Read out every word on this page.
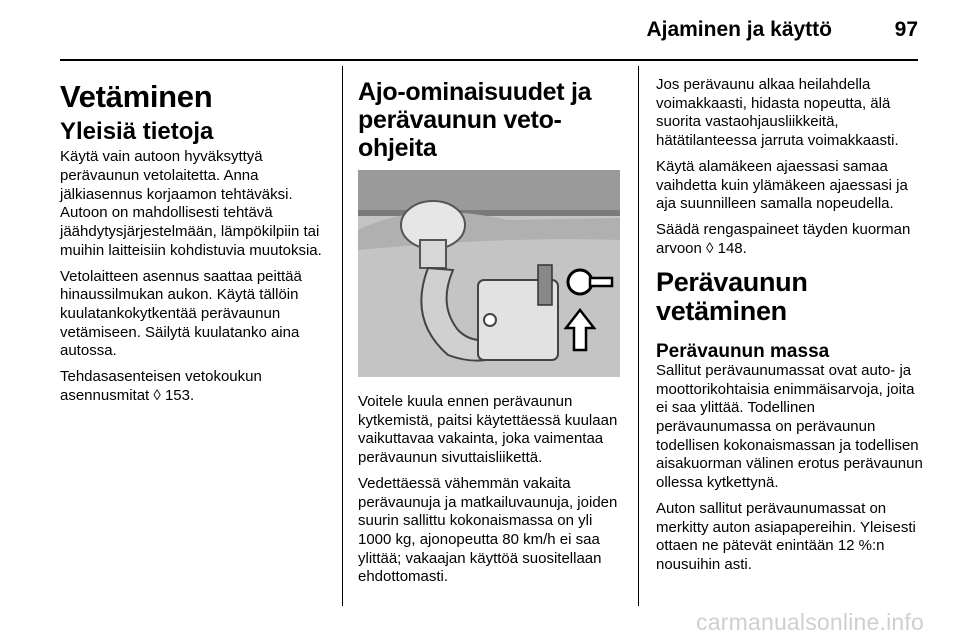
Ajaminen ja käyttö	97
Vetäminen
Yleisiä tietoja

Käytä vain autoon hyväksyttyä perävaunun vetolaitetta. Anna jälkiasennus korjaamon tehtäväksi. Autoon on mahdollisesti tehtävä jäähdytysjärjestelmään, lämpökilpiin tai muihin laitteisiin kohdistuvia muutoksia.

Vetolaitteen asennus saattaa peittää hinaussilmukan aukon. Käytä tällöin kuulatankokytkentää perävaunun vetämiseen. Säilytä kuulatanko aina autossa.

Tehdasasenteisen vetokoukun asennusmitat ◊ 153.

Ajo-ominaisuudet ja perävaunun veto-ohjeita

Voitele kuula ennen perävaunun kytkemistä, paitsi käytettäessä kuulaan vaikuttavaa vakainta, joka vaimentaa perävaunun sivuttaisliikettä.

Vedettäessä vähemmän vakaita perävaunuja ja matkailuvaunuja, joiden suurin sallittu kokonaismassa on yli 1000 kg, ajonopeutta 80 km/h ei saa ylittää; vakaajan käyttöä suositellaan ehdottomasti.

Jos perävaunu alkaa heilahdella voimakkaasti, hidasta nopeutta, älä suorita vastaohjausliikkeitä, hätätilanteessa jarruta voimakkaasti.

Käytä alamäkeen ajaessasi samaa vaihdetta kuin ylämäkeen ajaessasi ja aja suunnilleen samalla nopeudella.

Säädä rengaspaineet täyden kuorman arvoon ◊ 148.

Perävaunun vetäminen
Perävaunun massa

Sallitut perävaunumassat ovat auto- ja moottorikohtaisia enimmäisarvoja, joita ei saa ylittää. Todellinen perävaunumassa on perävaunun todellisen kokonaismassan ja todellisen aisakuorman välinen erotus perävaunun ollessa kytkettynä.

Auton sallitut perävaunumassat on merkitty auton asiapapereihin. Yleisesti ottaen ne pätevät enintään 12 %:n nousuihin asti.

carmanualsonline.info
